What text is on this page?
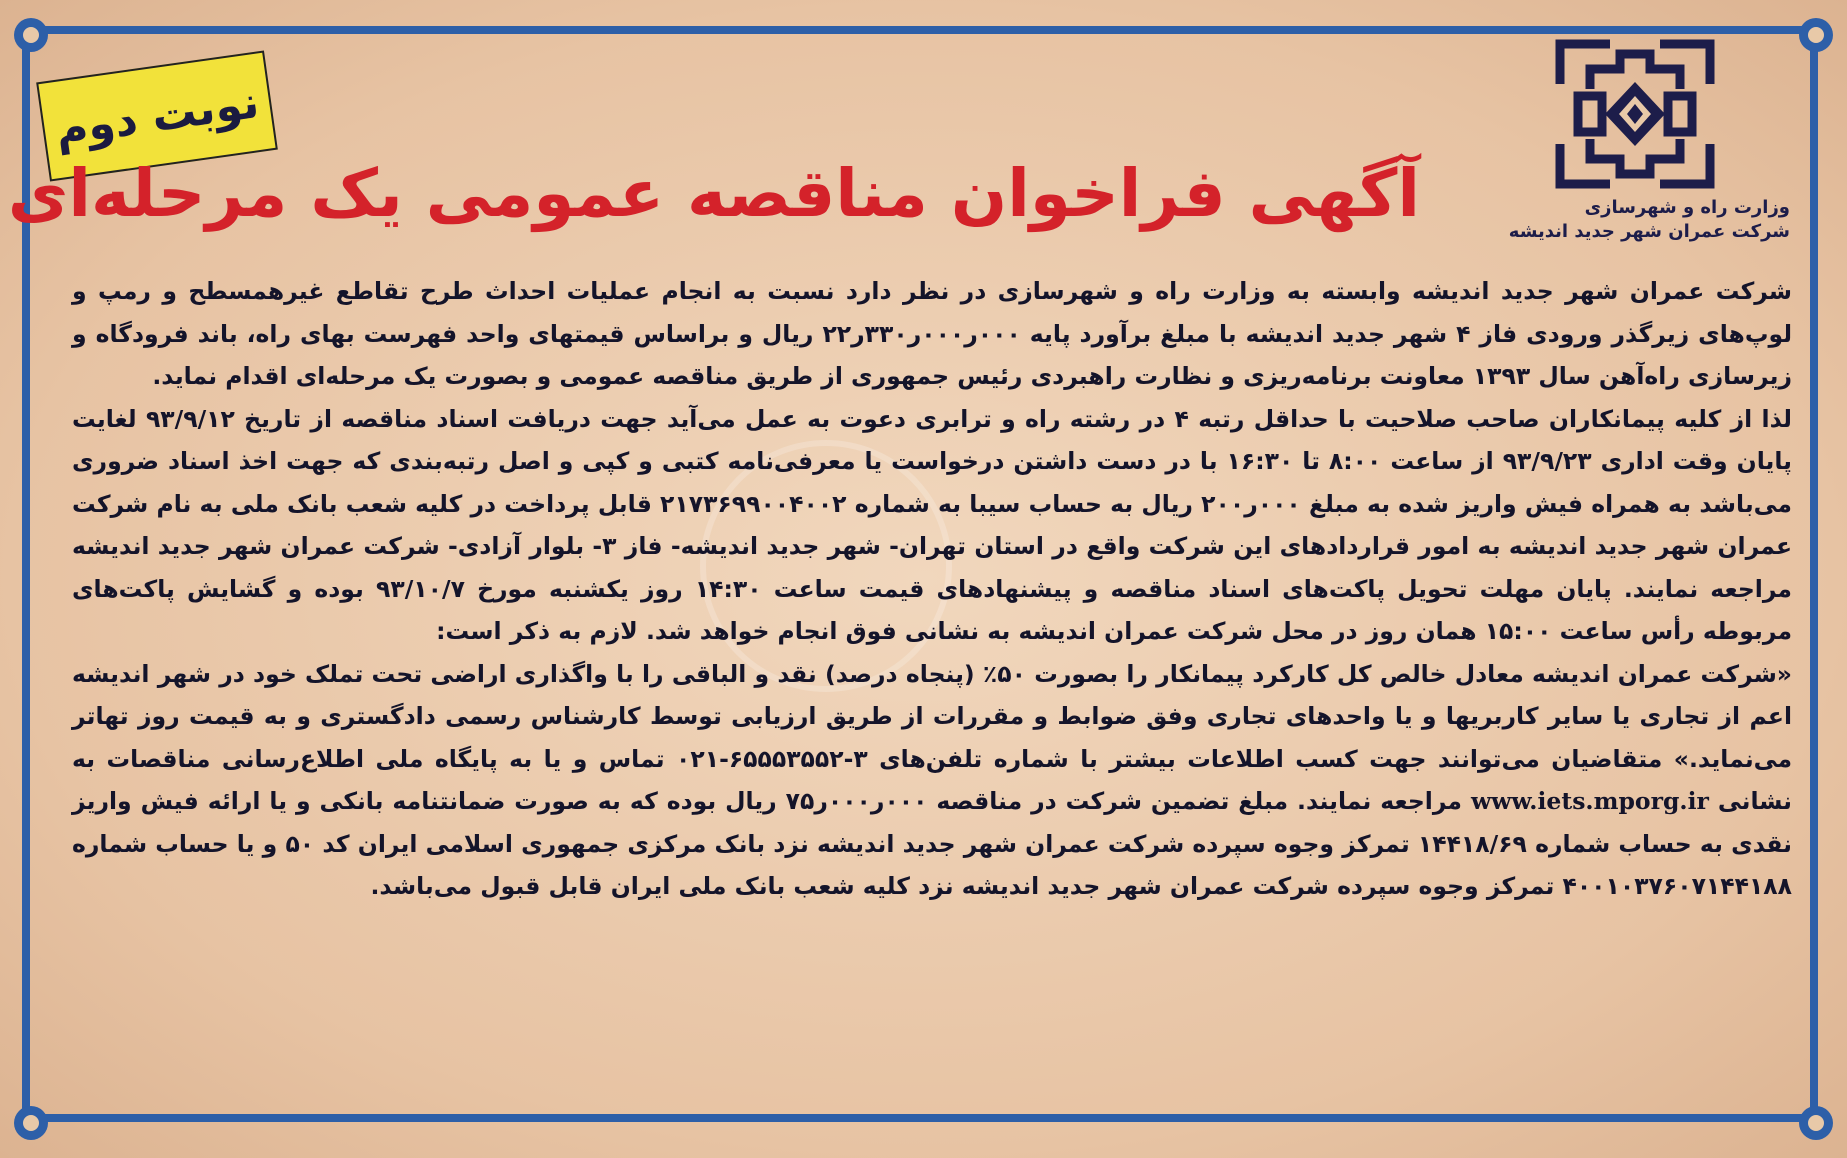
وزارت راه و شهرسازی
شرکت عمران شهر جدید اندیشه
نوبت دوم
آگهی فراخوان مناقصه عمومی یک مرحله‌ای

شرکت عمران شهر جدید اندیشه وابسته به وزارت راه و شهرسازی در نظر دارد نسبت به انجام عملیات احداث طرح تقاطع غیرهمسطح و رمپ و لوپ‌های زیرگذر ورودی فاز ۴ شهر جدید اندیشه با مبلغ برآورد پایه ۰۰۰ر۰۰۰ر۳۳۰ر۲۲ ریال و براساس قیمتهای واحد فهرست بهای راه، باند فرودگاه و زیرسازی راه‌آهن سال ۱۳۹۳ معاونت برنامه‌ریزی و نظارت راهبردی رئیس جمهوری از طریق مناقصه عمومی و بصورت یک مرحله‌ای اقدام نماید.

لذا از کلیه پیمانکاران صاحب صلاحیت با حداقل رتبه ۴ در رشته راه و ترابری دعوت به عمل می‌آید جهت دریافت اسناد مناقصه از تاریخ ۹۳/۹/۱۲ لغایت پایان وقت اداری ۹۳/۹/۲۳ از ساعت ۸:۰۰ تا ۱۶:۳۰ با در دست داشتن درخواست یا معرفی‌نامه کتبی و کپی و اصل رتبه‌بندی که جهت اخذ اسناد ضروری می‌باشد به همراه فیش واریز شده به مبلغ ۰۰۰ر۲۰۰ ریال به حساب سیبا به شماره ۲۱۷۳۶۹۹۰۰۴۰۰۲ قابل پرداخت در کلیه شعب بانک ملی به نام شرکت عمران شهر جدید اندیشه به امور قراردادهای این شرکت واقع در استان تهران- شهر جدید اندیشه- فاز ۳- بلوار آزادی- شرکت عمران شهر جدید اندیشه مراجعه نمایند. پایان مهلت تحویل پاکت‌های اسناد مناقصه و پیشنهادهای قیمت ساعت ۱۴:۳۰ روز یکشنبه مورخ ۹۳/۱۰/۷ بوده و گشایش پاکت‌های مربوطه رأس ساعت ۱۵:۰۰ همان روز در محل شرکت عمران اندیشه به نشانی فوق انجام خواهد شد. لازم به ذکر است:

«شرکت عمران اندیشه معادل خالص کل کارکرد پیمانکار را بصورت ۵۰٪ (پنجاه درصد) نقد و الباقی را با واگذاری اراضی تحت تملک خود در شهر اندیشه اعم از تجاری یا سایر کاربریها و یا واحدهای تجاری وفق ضوابط و مقررات از طریق ارزیابی توسط کارشناس رسمی دادگستری و به قیمت روز تهاتر می‌نماید.» متقاضیان می‌توانند جهت کسب اطلاعات بیشتر با شماره تلفن‌های ۳-۶۵۵۵۳۵۵۲-۰۲۱ تماس و یا به پایگاه ملی اطلاع‌رسانی مناقصات به نشانی www.iets.mporg.ir مراجعه نمایند. مبلغ تضمین شرکت در مناقصه ۰۰۰ر۰۰۰ر۷۵ ریال بوده که به صورت ضمانتنامه بانکی و یا ارائه فیش واریز نقدی به حساب شماره ۱۴۴۱۸/۶۹ تمرکز وجوه سپرده شرکت عمران شهر جدید اندیشه نزد بانک مرکزی جمهوری اسلامی ایران کد ۵۰ و یا حساب شماره ۴۰۰۱۰۳۷۶۰۷۱۴۴۱۸۸ تمرکز وجوه سپرده شرکت عمران شهر جدید اندیشه نزد کلیه شعب بانک ملی ایران قابل قبول می‌باشد.
